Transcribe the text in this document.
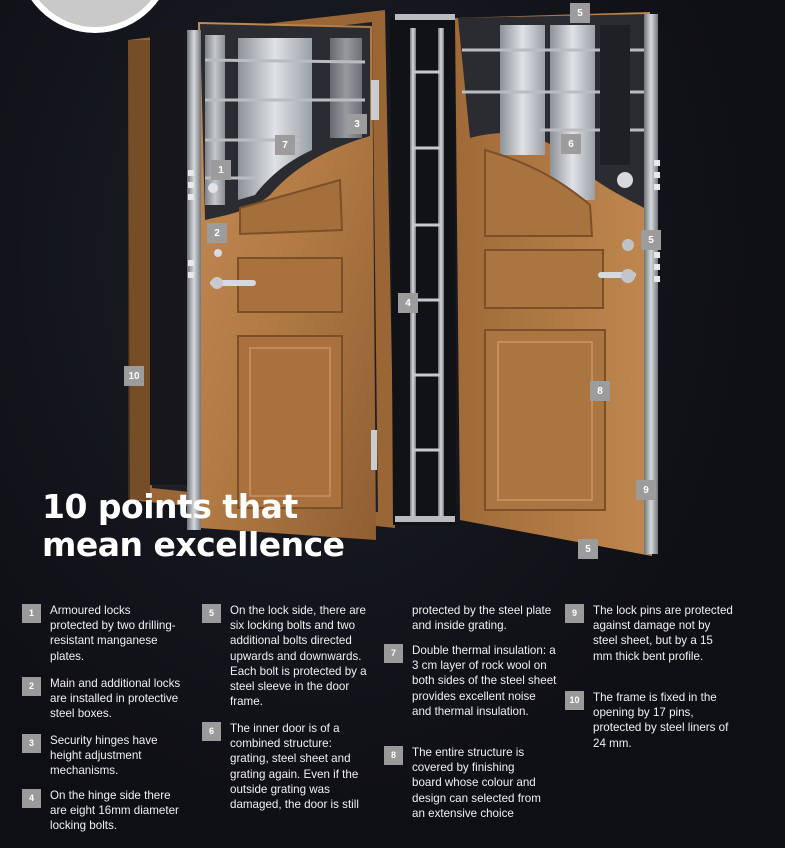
1
2
3
4
5
5
5
6
7
8
9
10
10 points that
mean excellence
1	Armoured locks protected by two drilling-resistant manganese plates.
2	Main and additional locks are installed in protective steel boxes.
3	Security hinges have height adjustment mechanisms.
4	On the hinge side there are eight 16mm diameter locking bolts.
5	On the lock side, there are six locking bolts and two additional bolts directed upwards and downwards. Each bolt is protected by a steel sleeve in the door frame.
6	The inner door is of a combined structure: grating, steel sheet and grating again. Even if the outside grating was damaged, the door is still
protected by the steel plate and inside grating.
7	Double thermal insulation: a 3 cm layer of rock wool on both sides of the steel sheet provides excellent noise and thermal insulation.
8	The entire structure is covered by finishing board whose colour and design can selected from an extensive choice
9	The lock pins are protected against damage not by steel sheet, but by a 15 mm thick bent profile.
10	The frame is fixed in the opening by 17 pins, protected by steel liners of 24 mm.
